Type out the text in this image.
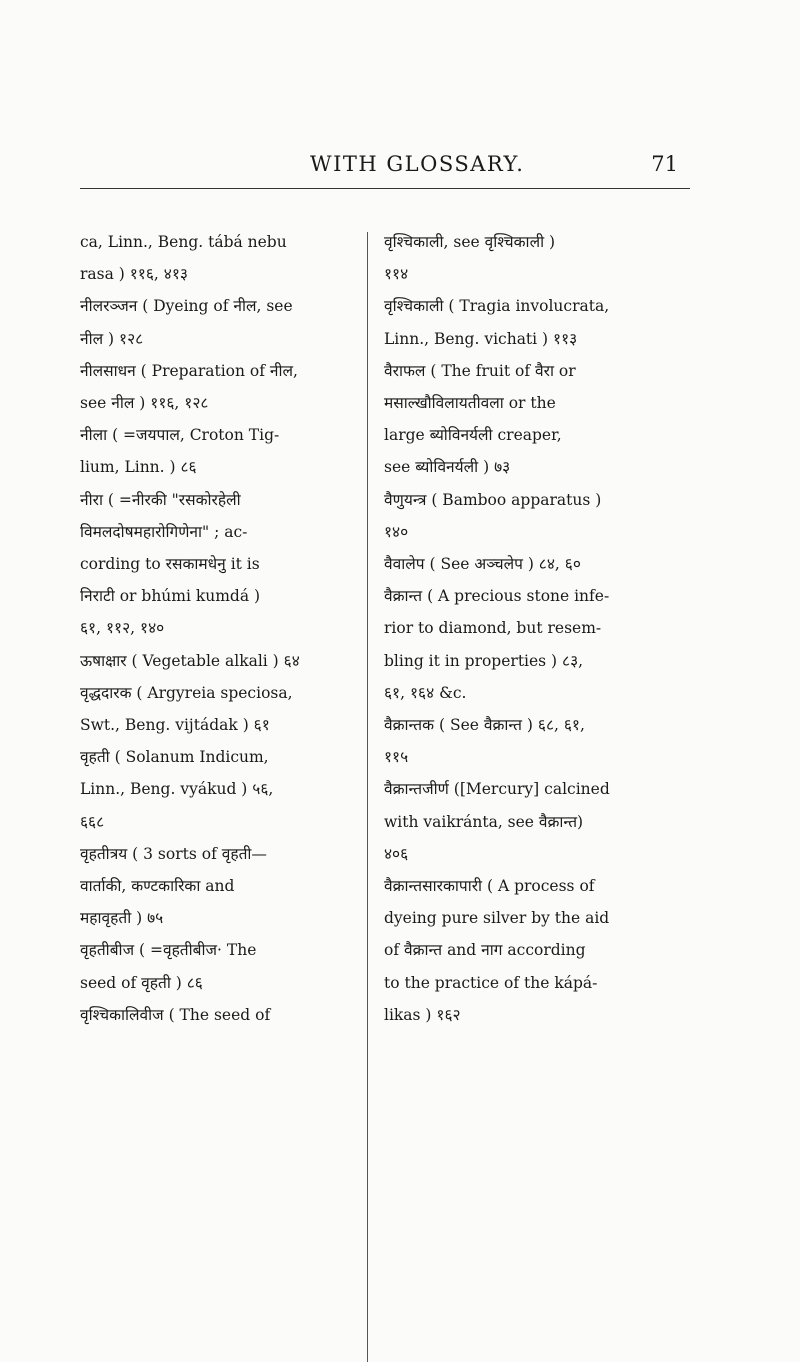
WITH GLOSSARY.	71
ca, Linn., Beng. tábá nebu
rasa ) ११६, ४१३
नीलरञ्जन ( Dyeing of नील, see
नील ) १२८
नीलसाधन ( Preparation of नील,
see नील ) ११६, १२८
नीला ( =जयपाल, Croton Tig-
lium, Linn. ) ८६
नीरा ( =नीरकी "रसकोरहेली
विमलदोषमहारोगिणेना" ; ac-
cording to रसकामधेनु it is
निराटी or bhúmi kumdá )
६१, ११२, १४०
ऊषाक्षार ( Vegetable alkali ) ६४
वृद्धदारक ( Argyreia speciosa,
Swt., Beng. vijtádak ) ६१
वृहती ( Solanum Indicum,
Linn., Beng. vyákud ) ५६,
६६८
वृहतीत्रय ( 3 sorts of वृहती—
वार्ताकी, कण्टकारिका and
महावृहती ) ७५
वृहतीबीज ( =वृहतीबीज· The
seed of वृहती ) ८६
वृश्चिकालिवीज ( The seed of
वृश्चिकाली, see वृश्चिकाली )
११४
वृश्चिकाली ( Tragia involucrata,
Linn., Beng. vichati ) ११३
वैराफल ( The fruit of वैरा or
मसाल्खौविलायतीवला or the
large ब्योविनर्यली creaper,
see ब्योविनर्यली ) ७३
वैणुयन्त्र ( Bamboo apparatus )
१४०
वैवालेप ( See अञ्चलेप ) ८४, ६०
वैक्रान्त ( A precious stone infe-
rior to diamond, but resem-
bling it in properties ) ८३,
६१, १६४ &c.
वैक्रान्तक ( See वैक्रान्त ) ६८, ६१,
११५
वैक्रान्तजीर्ण ([Mercury] calcined
with vaikránta, see वैक्रान्त)
४०६
वैक्रान्तसारकापारी ( A process of
dyeing pure silver by the aid
of वैक्रान्त and नाग according
to the practice of the kápá-
likas ) १६२
